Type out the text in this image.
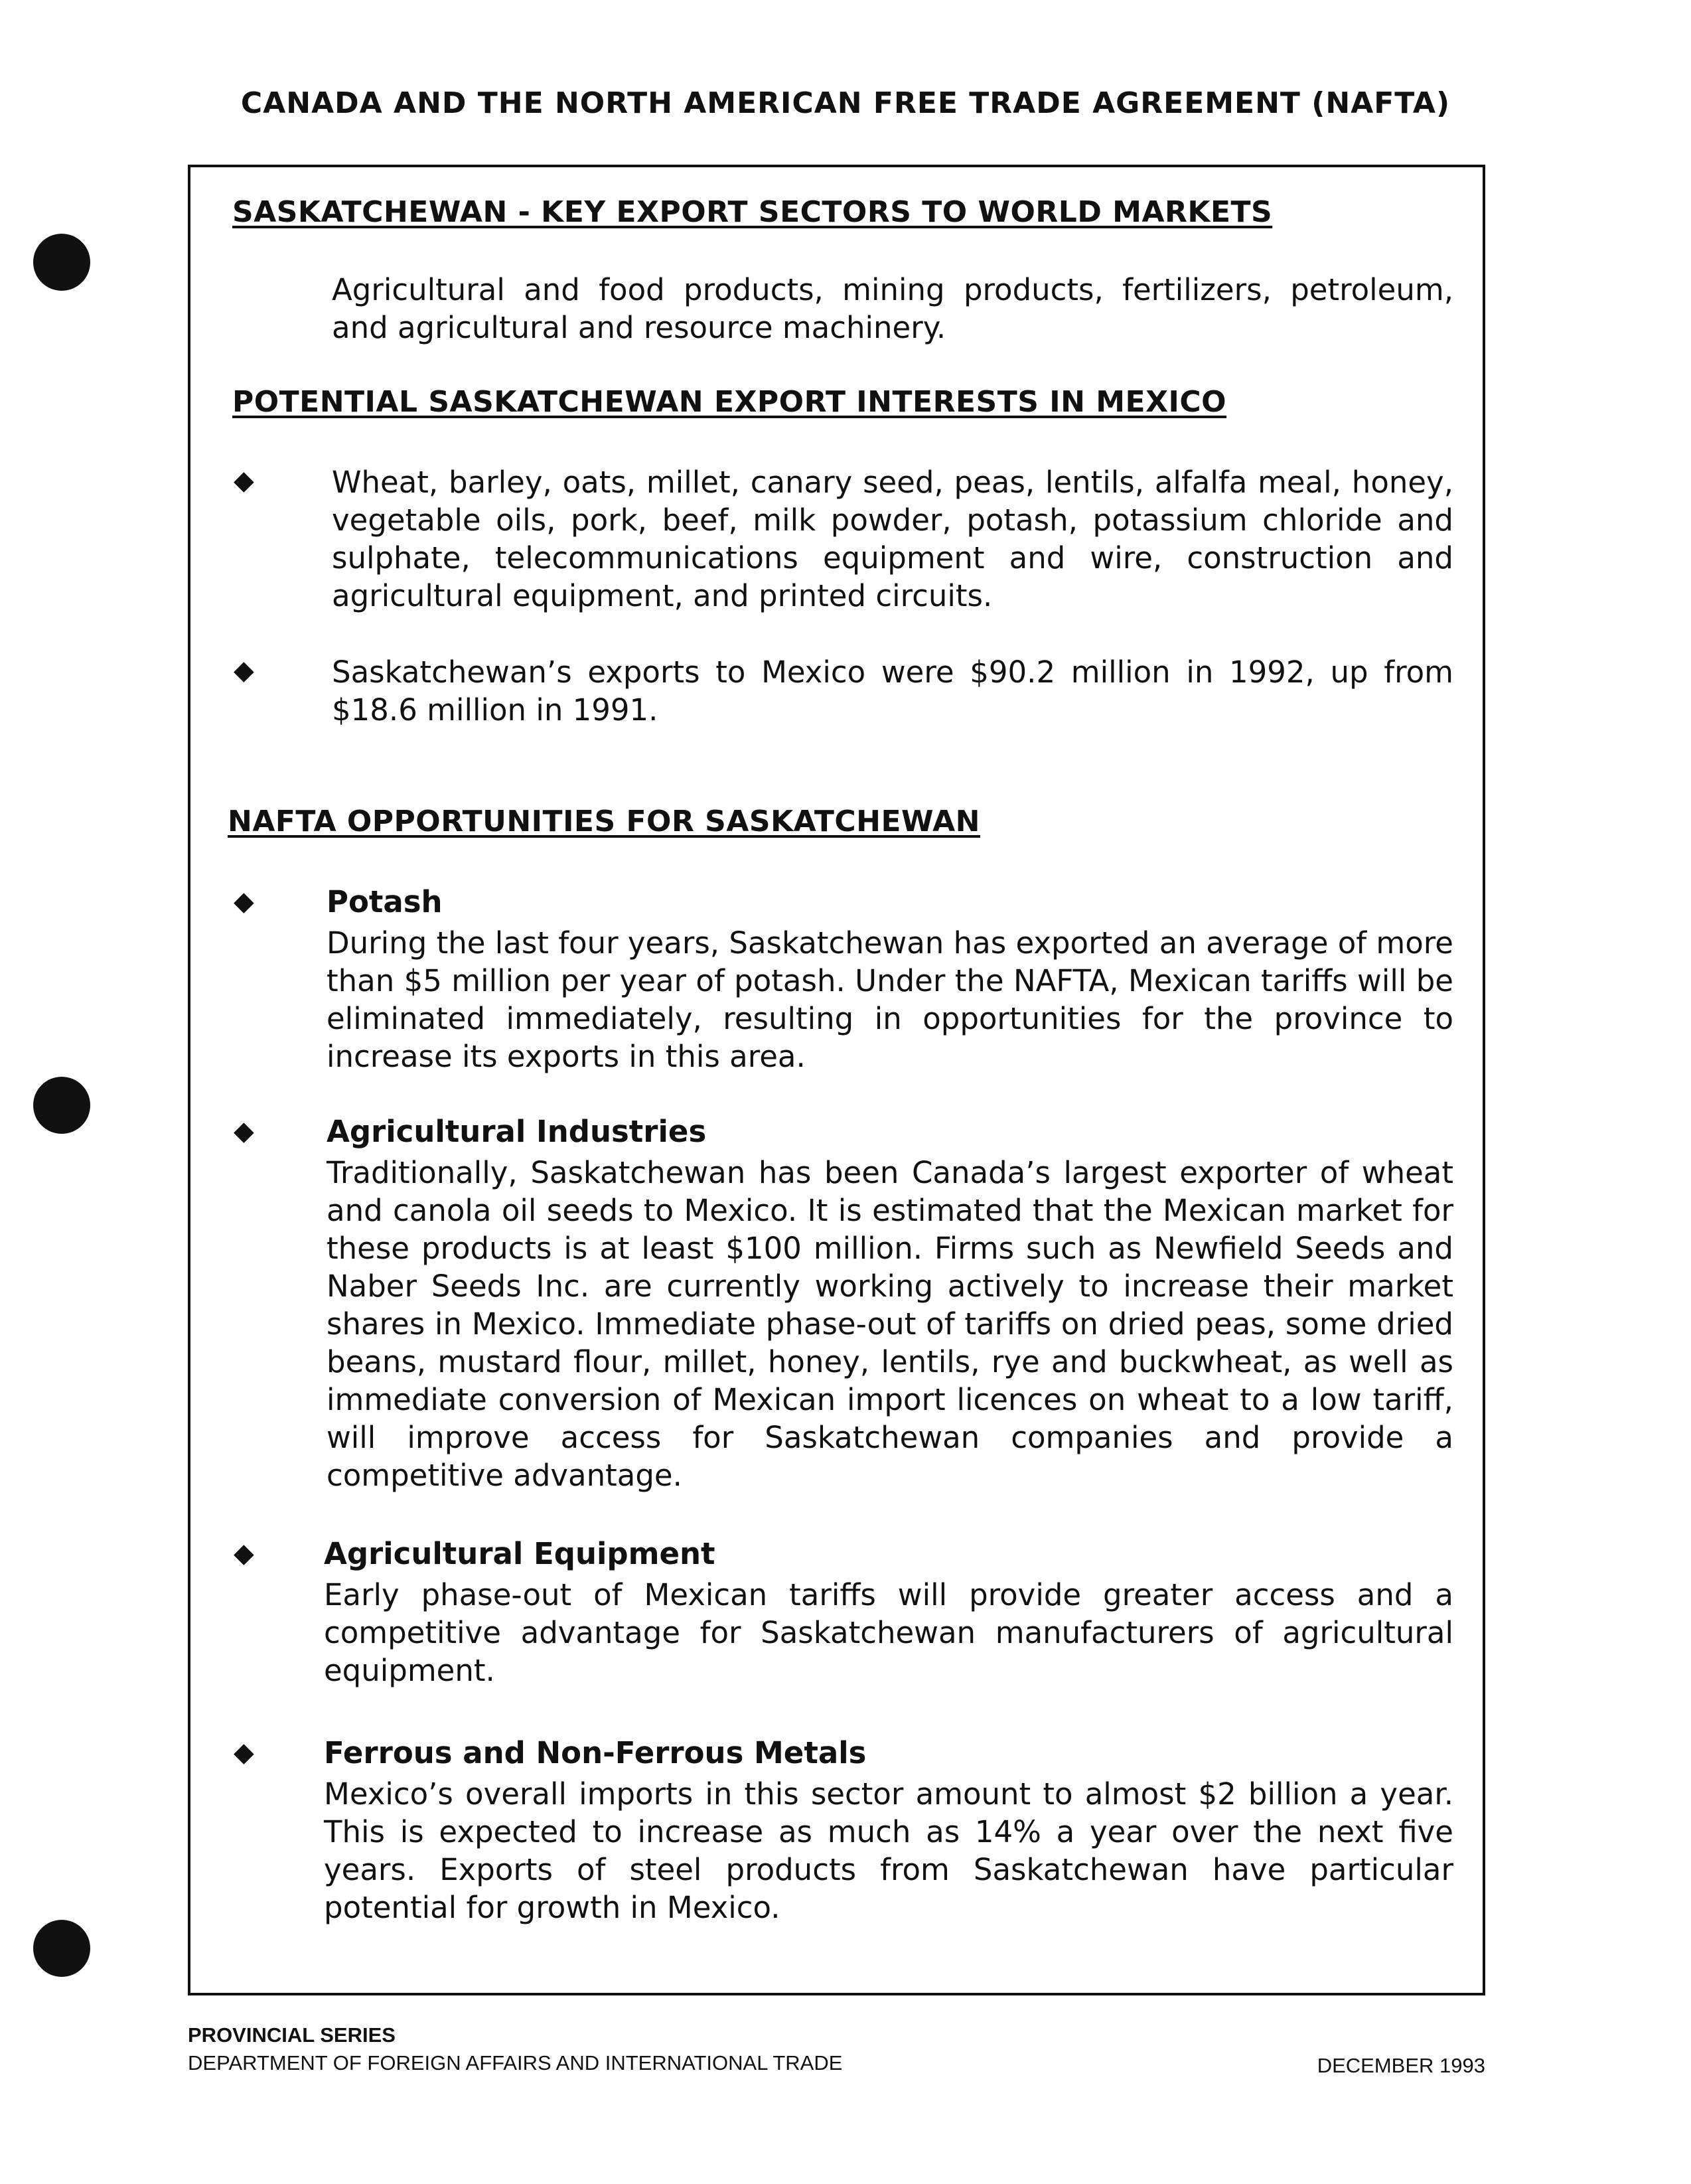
CANADA AND THE NORTH AMERICAN FREE TRADE AGREEMENT (NAFTA)
SASKATCHEWAN - KEY EXPORT SECTORS TO WORLD MARKETS

Agricultural and food products, mining products, fertilizers, petroleum, and agricultural and resource machinery.

POTENTIAL SASKATCHEWAN EXPORT INTERESTS IN MEXICO
◆	Wheat, barley, oats, millet, canary seed, peas, lentils, alfalfa meal, honey, vegetable oils, pork, beef, milk powder, potash, potassium chloride and sulphate, telecommunications equipment and wire, construction and agricultural equipment, and printed circuits.

◆	Saskatchewan’s exports to Mexico were $90.2 million in 1992, up from $18.6 million in 1991.

NAFTA OPPORTUNITIES FOR SASKATCHEWAN
◆ Potash

During the last four years, Saskatchewan has exported an average of more than $5 million per year of potash. Under the NAFTA, Mexican tariffs will be eliminated immediately, resulting in opportunities for the province to increase its exports in this area.

◆ Agricultural Industries

Traditionally, Saskatchewan has been Canada’s largest exporter of wheat and canola oil seeds to Mexico. It is estimated that the Mexican market for these products is at least $100 million. Firms such as Newfield Seeds and Naber Seeds Inc. are currently working actively to increase their market shares in Mexico. Immediate phase-out of tariffs on dried peas, some dried beans, mustard flour, millet, honey, lentils, rye and buckwheat, as well as immediate conversion of Mexican import licences on wheat to a low tariff, will improve access for Saskatchewan companies and provide a competitive advantage.

◆ Agricultural Equipment

Early phase-out of Mexican tariffs will provide greater access and a competitive advantage for Saskatchewan manufacturers of agricultural equipment.

◆ Ferrous and Non-Ferrous Metals

Mexico’s overall imports in this sector amount to almost $2 billion a year. This is expected to increase as much as 14% a year over the next five years. Exports of steel products from Saskatchewan have particular potential for growth in Mexico.

PROVINCIAL SERIES

DEPARTMENT OF FOREIGN AFFAIRS AND INTERNATIONAL TRADE	DECEMBER 1993
